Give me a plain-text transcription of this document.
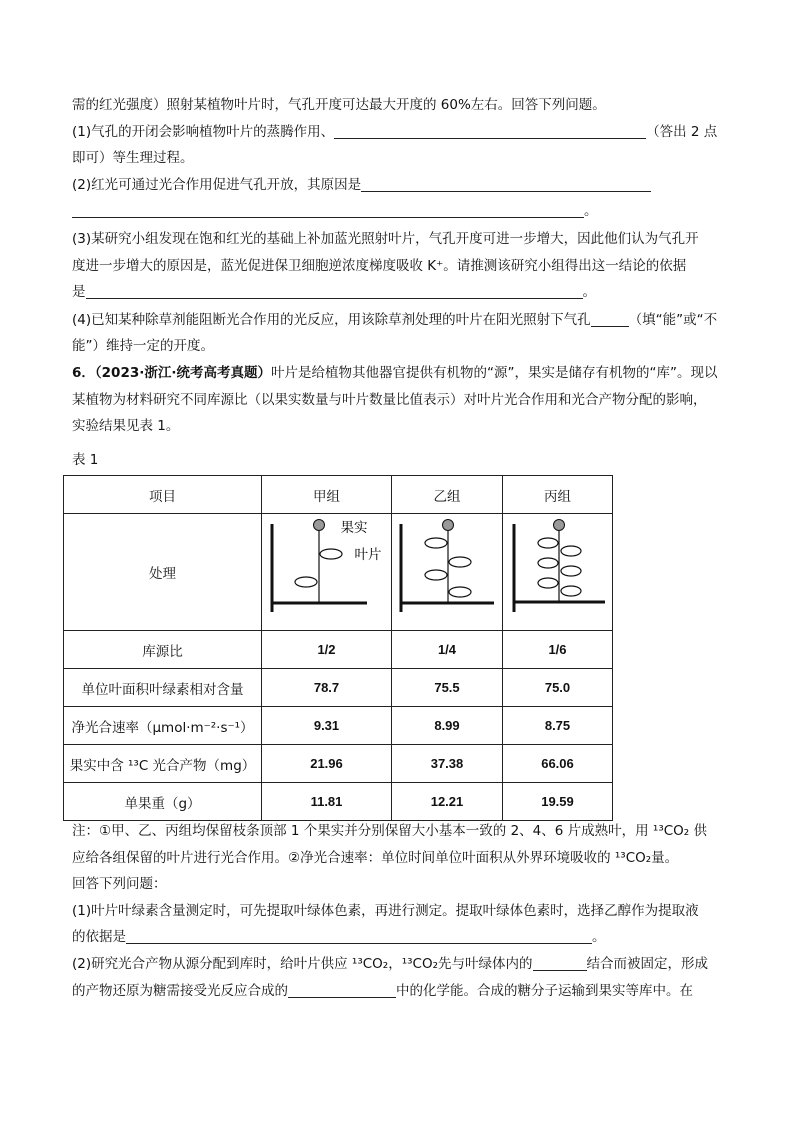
需的红光强度）照射某植物叶片时，气孔开度可达最大开度的 60%左右。回答下列问题。
(1)气孔的开闭会影响植物叶片的蒸腾作用、	（答出 2 点
即可）等生理过程。
(2)红光可通过光合作用促进气孔开放，其原因是
。
(3)某研究小组发现在饱和红光的基础上补加蓝光照射叶片，气孔开度可进一步增大，因此他们认为气孔开
度进一步增大的原因是，蓝光促进保卫细胞逆浓度梯度吸收 K⁺。请推测该研究小组得出这一结论的依据
是	。
(4)已知某种除草剂能阻断光合作用的光反应，用该除草剂处理的叶片在阳光照射下气孔	（填“能”或“不
能”）维持一定的开度。
6．（2023·浙江·统考高考真题）叶片是给植物其他器官提供有机物的“源”，果实是储存有机物的“库”。现以
某植物为材料研究不同库源比（以果实数量与叶片数量比值表示）对叶片光合作用和光合产物分配的影响，
实验结果见表 1。
表 1
项目	甲组	乙组	丙组
处理	果实
叶片

库源比	1/2	1/4	1/6
单位叶面积叶绿素相对含量	78.7	75.5	75.0
净光合速率（μmol·m⁻²·s⁻¹）	9.31	8.99	8.75
果实中含 ¹³C 光合产物（mg）	21.96	37.38	66.06
单果重（g）	11.81	12.21	19.59
注：①甲、乙、丙组均保留枝条顶部 1 个果实并分别保留大小基本一致的 2、4、6 片成熟叶，用 ¹³CO₂ 供
应给各组保留的叶片进行光合作用。②净光合速率：单位时间单位叶面积从外界环境吸收的 ¹³CO₂量。
回答下列问题：
(1)叶片叶绿素含量测定时，可先提取叶绿体色素，再进行测定。提取叶绿体色素时，选择乙醇作为提取液
的依据是	。
(2)研究光合产物从源分配到库时，给叶片供应 ¹³CO₂，¹³CO₂先与叶绿体内的	结合而被固定，形成
的产物还原为糖需接受光反应合成的	中的化学能。合成的糖分子运输到果实等库中。在
